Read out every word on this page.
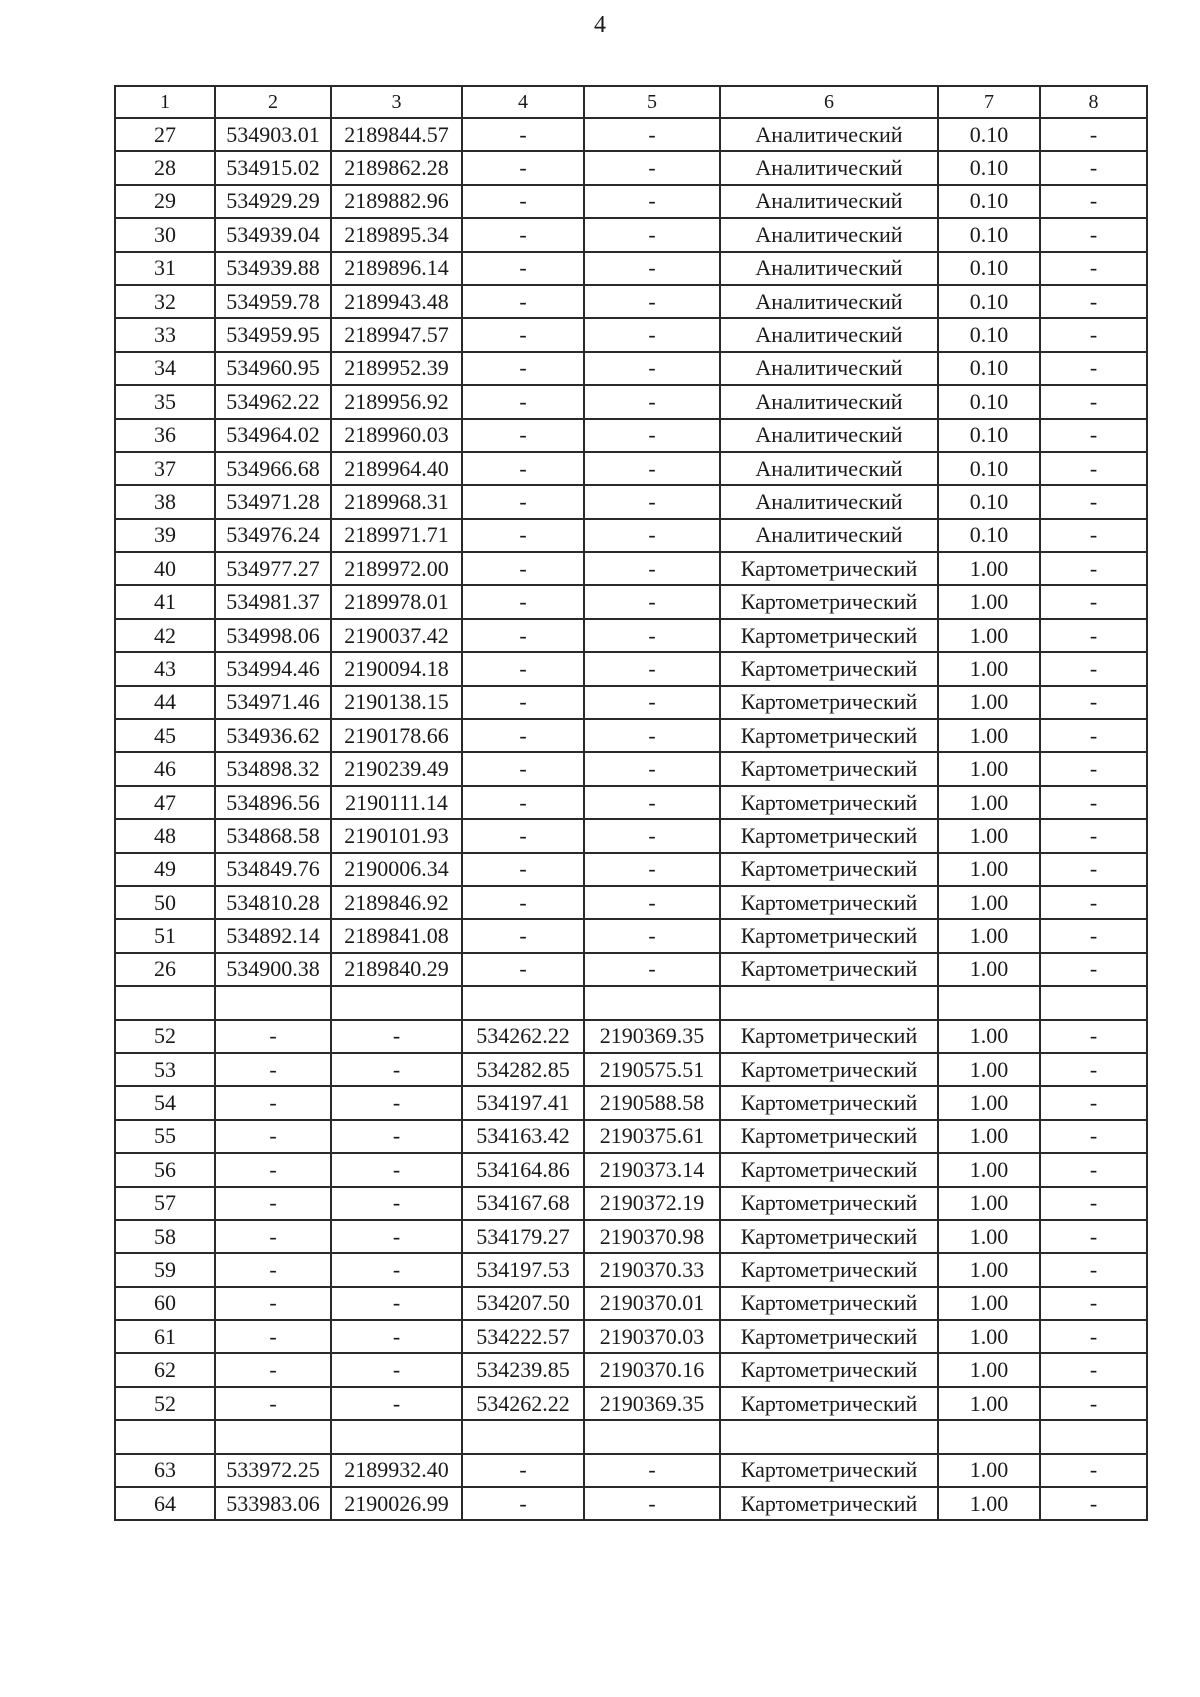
4
1	2	3	4	5	6	7	8
27	534903.01	2189844.57	-	-	Аналитический	0.10	-
28	534915.02	2189862.28	-	-	Аналитический	0.10	-
29	534929.29	2189882.96	-	-	Аналитический	0.10	-
30	534939.04	2189895.34	-	-	Аналитический	0.10	-
31	534939.88	2189896.14	-	-	Аналитический	0.10	-
32	534959.78	2189943.48	-	-	Аналитический	0.10	-
33	534959.95	2189947.57	-	-	Аналитический	0.10	-
34	534960.95	2189952.39	-	-	Аналитический	0.10	-
35	534962.22	2189956.92	-	-	Аналитический	0.10	-
36	534964.02	2189960.03	-	-	Аналитический	0.10	-
37	534966.68	2189964.40	-	-	Аналитический	0.10	-
38	534971.28	2189968.31	-	-	Аналитический	0.10	-
39	534976.24	2189971.71	-	-	Аналитический	0.10	-
40	534977.27	2189972.00	-	-	Картометрический	1.00	-
41	534981.37	2189978.01	-	-	Картометрический	1.00	-
42	534998.06	2190037.42	-	-	Картометрический	1.00	-
43	534994.46	2190094.18	-	-	Картометрический	1.00	-
44	534971.46	2190138.15	-	-	Картометрический	1.00	-
45	534936.62	2190178.66	-	-	Картометрический	1.00	-
46	534898.32	2190239.49	-	-	Картометрический	1.00	-
47	534896.56	2190111.14	-	-	Картометрический	1.00	-
48	534868.58	2190101.93	-	-	Картометрический	1.00	-
49	534849.76	2190006.34	-	-	Картометрический	1.00	-
50	534810.28	2189846.92	-	-	Картометрический	1.00	-
51	534892.14	2189841.08	-	-	Картометрический	1.00	-
26	534900.38	2189840.29	-	-	Картометрический	1.00	-

52	-	-	534262.22	2190369.35	Картометрический	1.00	-
53	-	-	534282.85	2190575.51	Картометрический	1.00	-
54	-	-	534197.41	2190588.58	Картометрический	1.00	-
55	-	-	534163.42	2190375.61	Картометрический	1.00	-
56	-	-	534164.86	2190373.14	Картометрический	1.00	-
57	-	-	534167.68	2190372.19	Картометрический	1.00	-
58	-	-	534179.27	2190370.98	Картометрический	1.00	-
59	-	-	534197.53	2190370.33	Картометрический	1.00	-
60	-	-	534207.50	2190370.01	Картометрический	1.00	-
61	-	-	534222.57	2190370.03	Картометрический	1.00	-
62	-	-	534239.85	2190370.16	Картометрический	1.00	-
52	-	-	534262.22	2190369.35	Картометрический	1.00	-

63	533972.25	2189932.40	-	-	Картометрический	1.00	-
64	533983.06	2190026.99	-	-	Картометрический	1.00	-
